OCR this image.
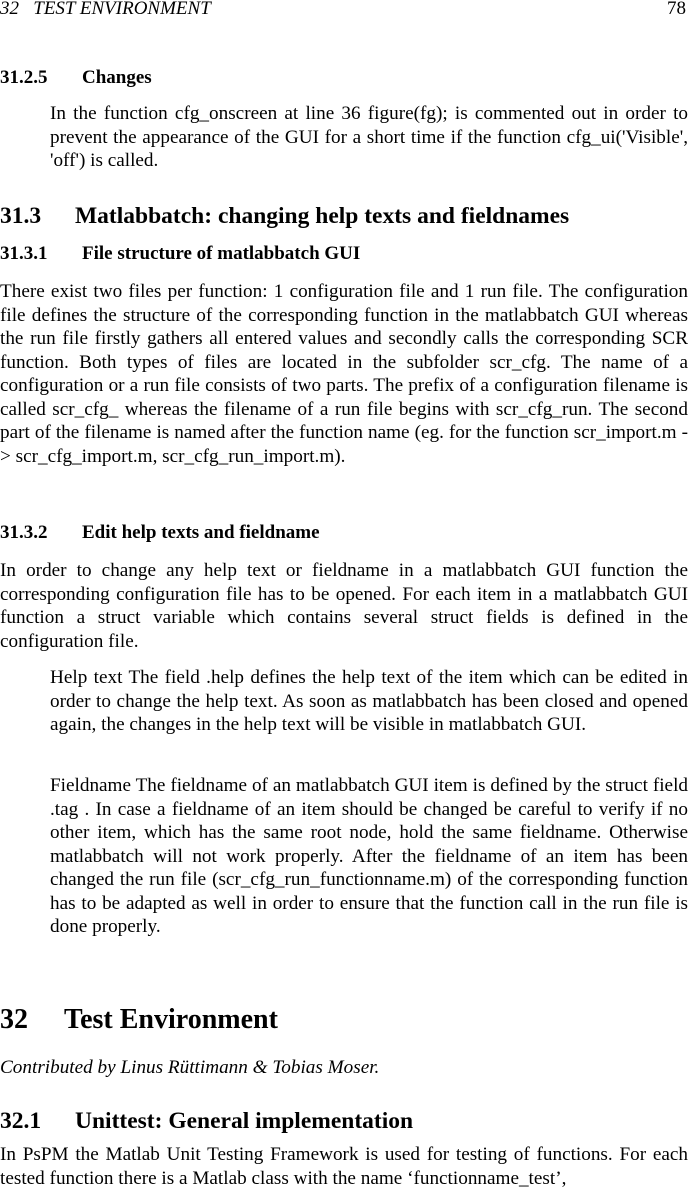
32   TEST ENVIRONMENT	78
31.2.5 Changes

In the function cfg_onscreen at line 36 figure(fg); is commented out in order to prevent the appearance of the GUI for a short time if the function cfg_ui('Visible', 'off') is called.

31.3 Matlabbatch: changing help texts and fieldnames
31.3.1 File structure of matlabbatch GUI

There exist two files per function: 1 configuration file and 1 run file. The configuration file defines the structure of the corresponding function in the matlabbatch GUI whereas the run file firstly gathers all entered values and secondly calls the corresponding SCR function. Both types of files are located in the subfolder scr_cfg. The name of a configuration or a run file consists of two parts. The prefix of a configuration filename is called scr_cfg_ whereas the filename of a run file begins with scr_cfg_run. The second part of the filename is named after the function name (eg. for the function scr_import.m -> scr_cfg_import.m, scr_cfg_run_import.m).

31.3.2 Edit help texts and fieldname

In order to change any help text or fieldname in a matlabbatch GUI function the corresponding configuration file has to be opened. For each item in a matlabbatch GUI function a struct variable which contains several struct fields is defined in the configuration file.

Help text The field .help defines the help text of the item which can be edited in order to change the help text. As soon as matlabbatch has been closed and opened again, the changes in the help text will be visible in matlabbatch GUI.

Fieldname The fieldname of an matlabbatch GUI item is defined by the struct field .tag . In case a fieldname of an item should be changed be careful to verify if no other item, which has the same root node, hold the same fieldname. Otherwise matlabbatch will not work properly. After the fieldname of an item has been changed the run file (scr_cfg_run_functionname.m) of the corresponding function has to be adapted as well in order to ensure that the function call in the run file is done properly.

32 Test Environment
Contributed by Linus Rüttimann & Tobias Moser.
32.1 Unittest: General implementation

In PsPM the Matlab Unit Testing Framework is used for testing of functions. For each tested function there is a Matlab class with the name ‘functionname_test’,
